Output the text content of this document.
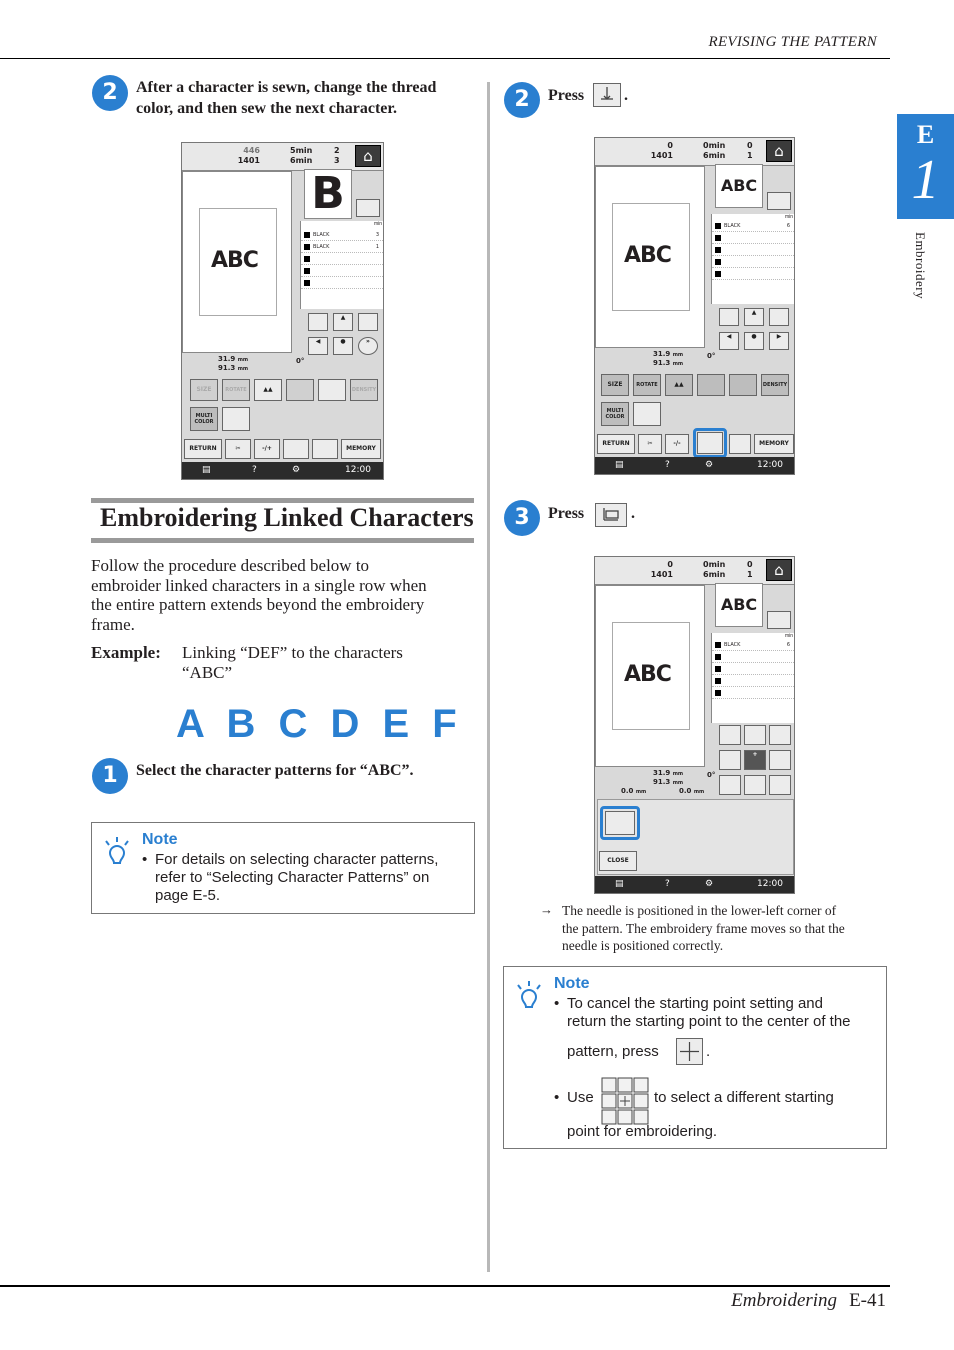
REVISING THE PATTERN
E
1
Embroidery
2	After a character is sewn, change the thread color, and then sew the next character.
446
1401
5min
6min
2
3
⌂
ABC
B
min
BLACK	3
BLACK	1
▲
◀	●	»
31.9 mm
91.3 mm
0°
SIZE	ROTATE	▲▲	DENSITY
MULTI COLOR
RETURN	✂	-/+	MEMORY
▤	?	⚙	12:00
Embroidering Linked Characters
Follow the procedure described below to
embroider linked characters in a single row when
the entire pattern extends beyond the embroidery
frame.
Example: Linking “DEF” to the characters
“ABC”
A B C D E F
1	Select the character patterns for “ABC”.
Note
• For details on selecting character patterns,
refer to “Selecting Character Patterns” on
page E-5.
2	Press .
0
1401
0min
6min
0
1
⌂
ABC
ABC
min
BLACK	6
▲
◀	●	▶
31.9 mm
91.3 mm
0°
SIZE	ROTATE	▲▲	DENSITY
MULTI COLOR
RETURN	✂	-/-	MEMORY
▤	?	⚙	12:00
3	Press	.
0
1401
0min
6min
0
1
⌂
ABC
ABC
min
BLACK	6
+
31.9 mm
91.3 mm
0°
0.0 mm	0.0 mm
CLOSE
▤	?	⚙	12:00
→ The needle is positioned in the lower-left corner of
the pattern. The embroidery frame moves so that the
needle is positioned correctly.
Note
• To cancel the starting point setting and
return the starting point to the center of the
pattern, press	.
• Use	to select a different starting
point for embroidering.
Embroidering E-41
